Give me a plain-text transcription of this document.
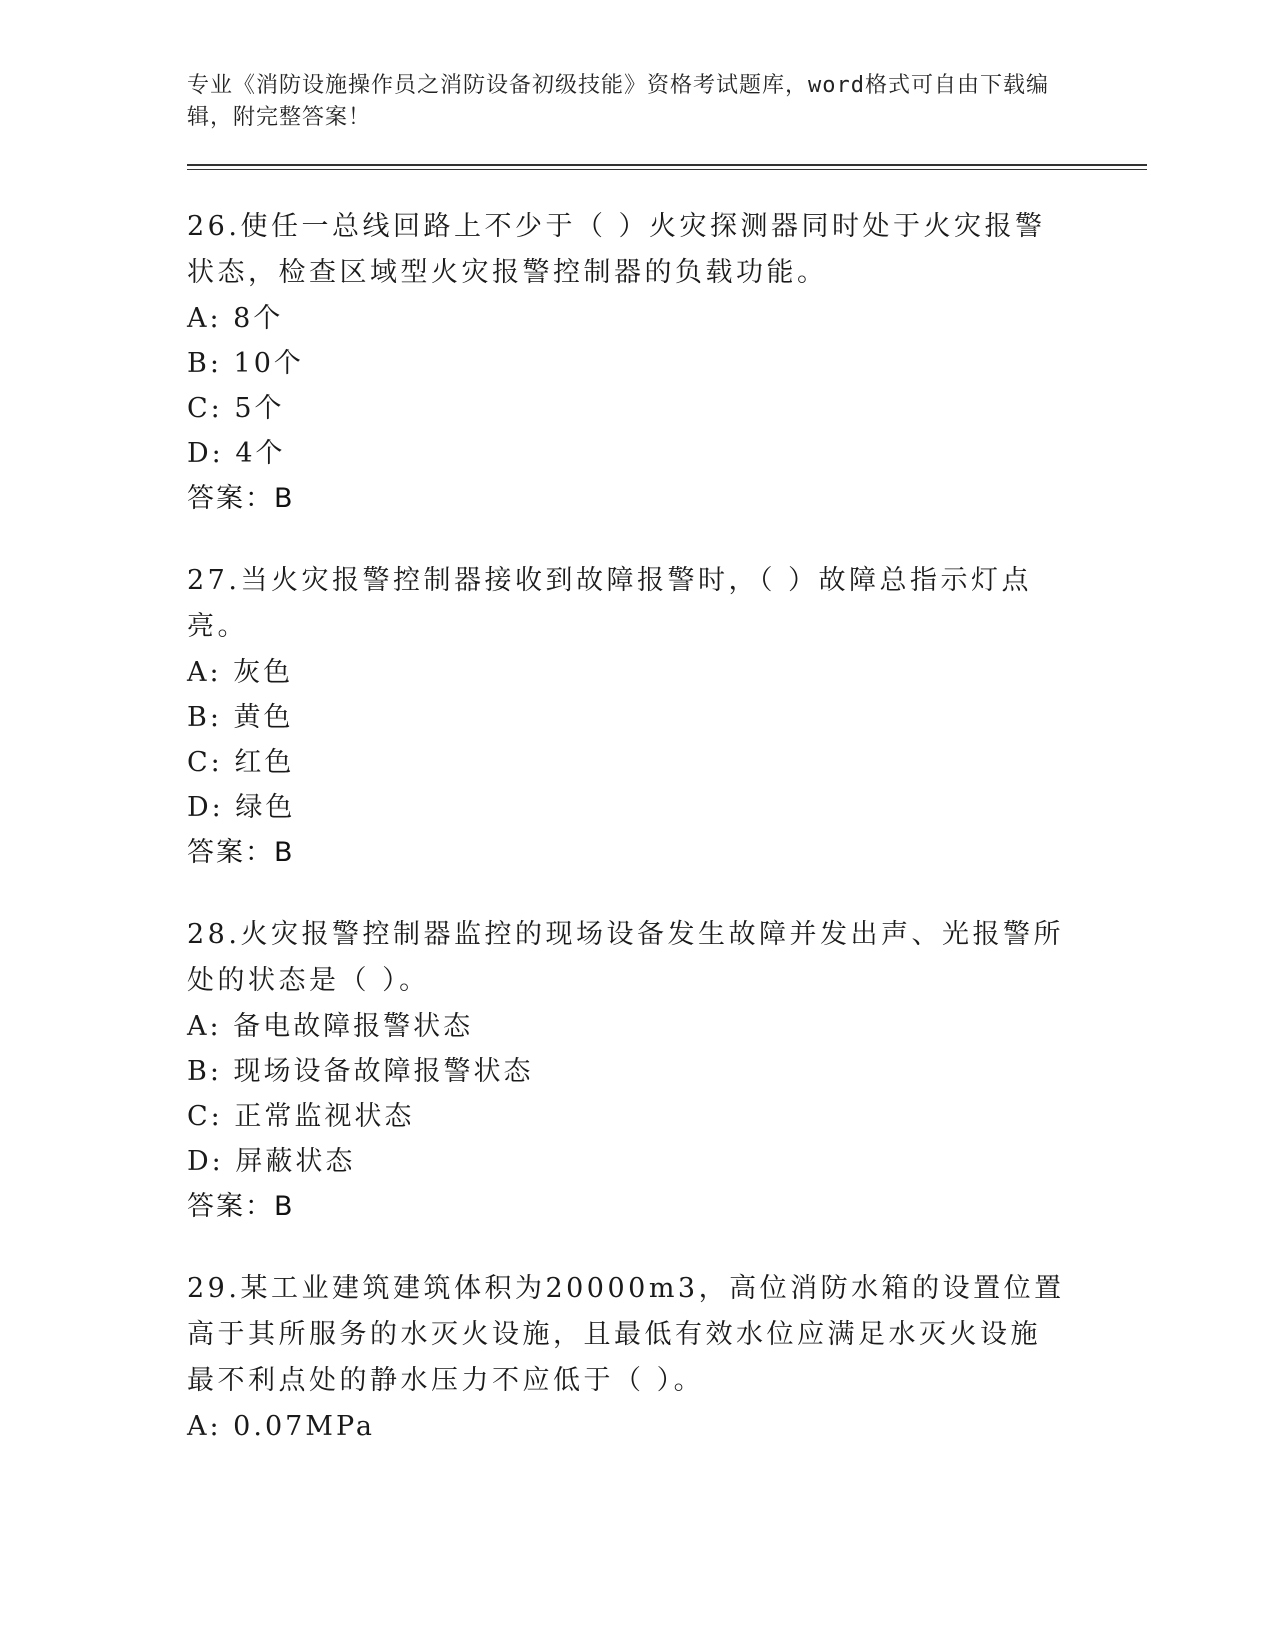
专业《消防设施操作员之消防设备初级技能》资格考试题库，word格式可自由下载编辑，附完整答案！
26.使任一总线回路上不少于（ ）火灾探测器同时处于火灾报警状态，检查区域型火灾报警控制器的负载功能。
A: 8个
B: 10个
C: 5个
D: 4个
答案：B
27.当火灾报警控制器接收到故障报警时，（ ）故障总指示灯点亮。
A: 灰色
B: 黄色
C: 红色
D: 绿色
答案：B
28.火灾报警控制器监控的现场设备发生故障并发出声、光报警所处的状态是（ ）。
A: 备电故障报警状态
B: 现场设备故障报警状态
C: 正常监视状态
D: 屏蔽状态
答案：B
29.某工业建筑建筑体积为20000m3，高位消防水箱的设置位置高于其所服务的水灭火设施，且最低有效水位应满足水灭火设施最不利点处的静水压力不应低于（ ）。
A: 0.07MPa
